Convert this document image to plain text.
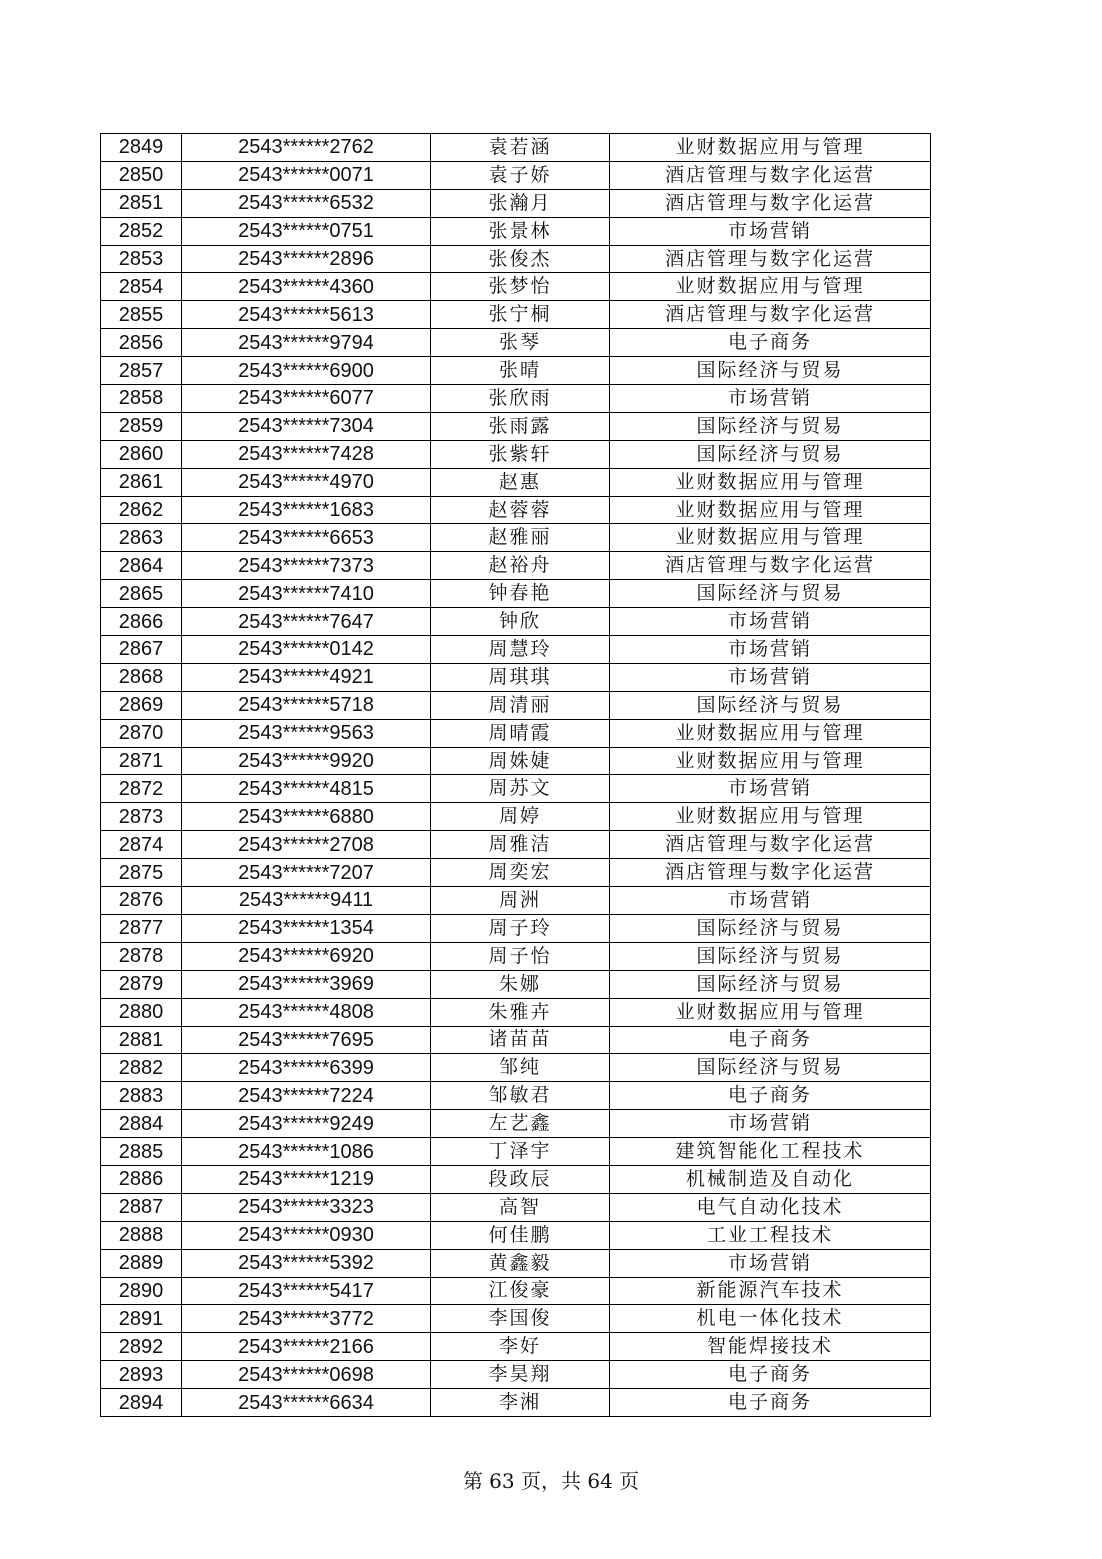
2849	2543******2762	袁若涵	业财数据应用与管理
2850	2543******0071	袁子娇	酒店管理与数字化运营
2851	2543******6532	张瀚月	酒店管理与数字化运营
2852	2543******0751	张景林	市场营销
2853	2543******2896	张俊杰	酒店管理与数字化运营
2854	2543******4360	张梦怡	业财数据应用与管理
2855	2543******5613	张宁桐	酒店管理与数字化运营
2856	2543******9794	张琴	电子商务
2857	2543******6900	张晴	国际经济与贸易
2858	2543******6077	张欣雨	市场营销
2859	2543******7304	张雨露	国际经济与贸易
2860	2543******7428	张紫轩	国际经济与贸易
2861	2543******4970	赵惠	业财数据应用与管理
2862	2543******1683	赵蓉蓉	业财数据应用与管理
2863	2543******6653	赵雅丽	业财数据应用与管理
2864	2543******7373	赵裕舟	酒店管理与数字化运营
2865	2543******7410	钟春艳	国际经济与贸易
2866	2543******7647	钟欣	市场营销
2867	2543******0142	周慧玲	市场营销
2868	2543******4921	周琪琪	市场营销
2869	2543******5718	周清丽	国际经济与贸易
2870	2543******9563	周晴霞	业财数据应用与管理
2871	2543******9920	周姝婕	业财数据应用与管理
2872	2543******4815	周苏文	市场营销
2873	2543******6880	周婷	业财数据应用与管理
2874	2543******2708	周雅洁	酒店管理与数字化运营
2875	2543******7207	周奕宏	酒店管理与数字化运营
2876	2543******9411	周洲	市场营销
2877	2543******1354	周子玲	国际经济与贸易
2878	2543******6920	周子怡	国际经济与贸易
2879	2543******3969	朱娜	国际经济与贸易
2880	2543******4808	朱雅卉	业财数据应用与管理
2881	2543******7695	诸苗苗	电子商务
2882	2543******6399	邹纯	国际经济与贸易
2883	2543******7224	邹敏君	电子商务
2884	2543******9249	左艺鑫	市场营销
2885	2543******1086	丁泽宇	建筑智能化工程技术
2886	2543******1219	段政辰	机械制造及自动化
2887	2543******3323	高智	电气自动化技术
2888	2543******0930	何佳鹏	工业工程技术
2889	2543******5392	黄鑫毅	市场营销
2890	2543******5417	江俊豪	新能源汽车技术
2891	2543******3772	李国俊	机电一体化技术
2892	2543******2166	李好	智能焊接技术
2893	2543******0698	李昊翔	电子商务
2894	2543******6634	李湘	电子商务
第 63 页，共 64 页
